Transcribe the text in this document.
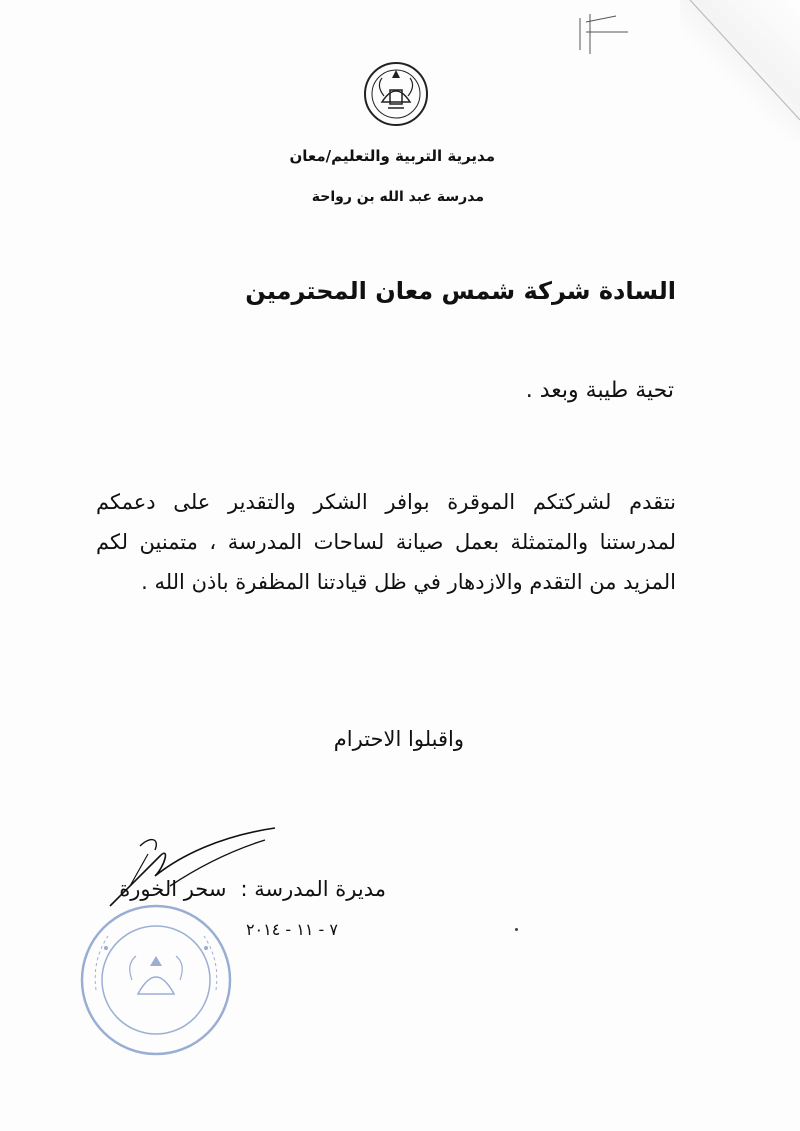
مديرية التربية والتعليم/معان
مدرسة عبد الله بن رواحة
السادة شركة شمس معان المحترمين
تحية طيبة وبعد .
نتقدم لشركتكم الموقرة بوافر الشكر والتقدير على دعمكم
لمدرستنا والمتمثلة بعمل صيانة لساحات المدرسة ، متمنين لكم
المزيد من التقدم والازدهار في ظل قيادتنا المظفرة باذن الله .
واقبلوا الاحترام
مديرة المدرسة :سحر الخورة
٧ - ١١ - ٢٠١٤
